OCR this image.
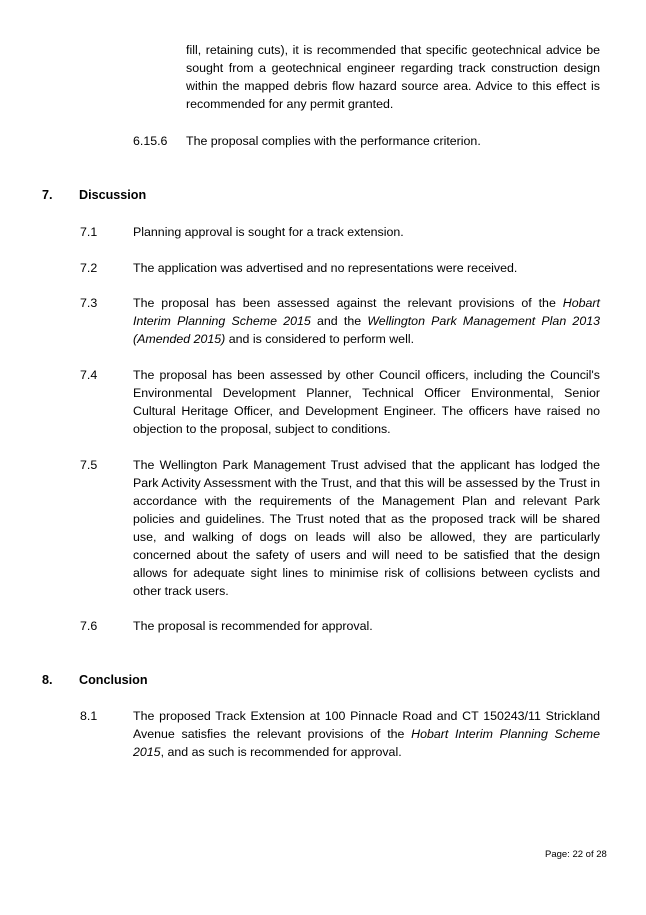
fill, retaining cuts), it is recommended that specific geotechnical advice be sought from a geotechnical engineer regarding track construction design within the mapped debris flow hazard source area. Advice to this effect is recommended for any permit granted.
6.15.6 The proposal complies with the performance criterion.
7. Discussion
7.1	Planning approval is sought for a track extension.
7.2	The application was advertised and no representations were received.
7.3	The proposal has been assessed against the relevant provisions of the Hobart Interim Planning Scheme 2015 and the Wellington Park Management Plan 2013 (Amended 2015) and is considered to perform well.
7.4	The proposal has been assessed by other Council officers, including the Council's Environmental Development Planner, Technical Officer Environmental, Senior Cultural Heritage Officer, and Development Engineer. The officers have raised no objection to the proposal, subject to conditions.
7.5	The Wellington Park Management Trust advised that the applicant has lodged the Park Activity Assessment with the Trust, and that this will be assessed by the Trust in accordance with the requirements of the Management Plan and relevant Park policies and guidelines. The Trust noted that as the proposed track will be shared use, and walking of dogs on leads will also be allowed, they are particularly concerned about the safety of users and will need to be satisfied that the design allows for adequate sight lines to minimise risk of collisions between cyclists and other track users.
7.6	The proposal is recommended for approval.
8. Conclusion
8.1	The proposed Track Extension at 100 Pinnacle Road and CT 150243/11 Strickland Avenue satisfies the relevant provisions of the Hobart Interim Planning Scheme 2015, and as such is recommended for approval.
Page: 22 of 28
